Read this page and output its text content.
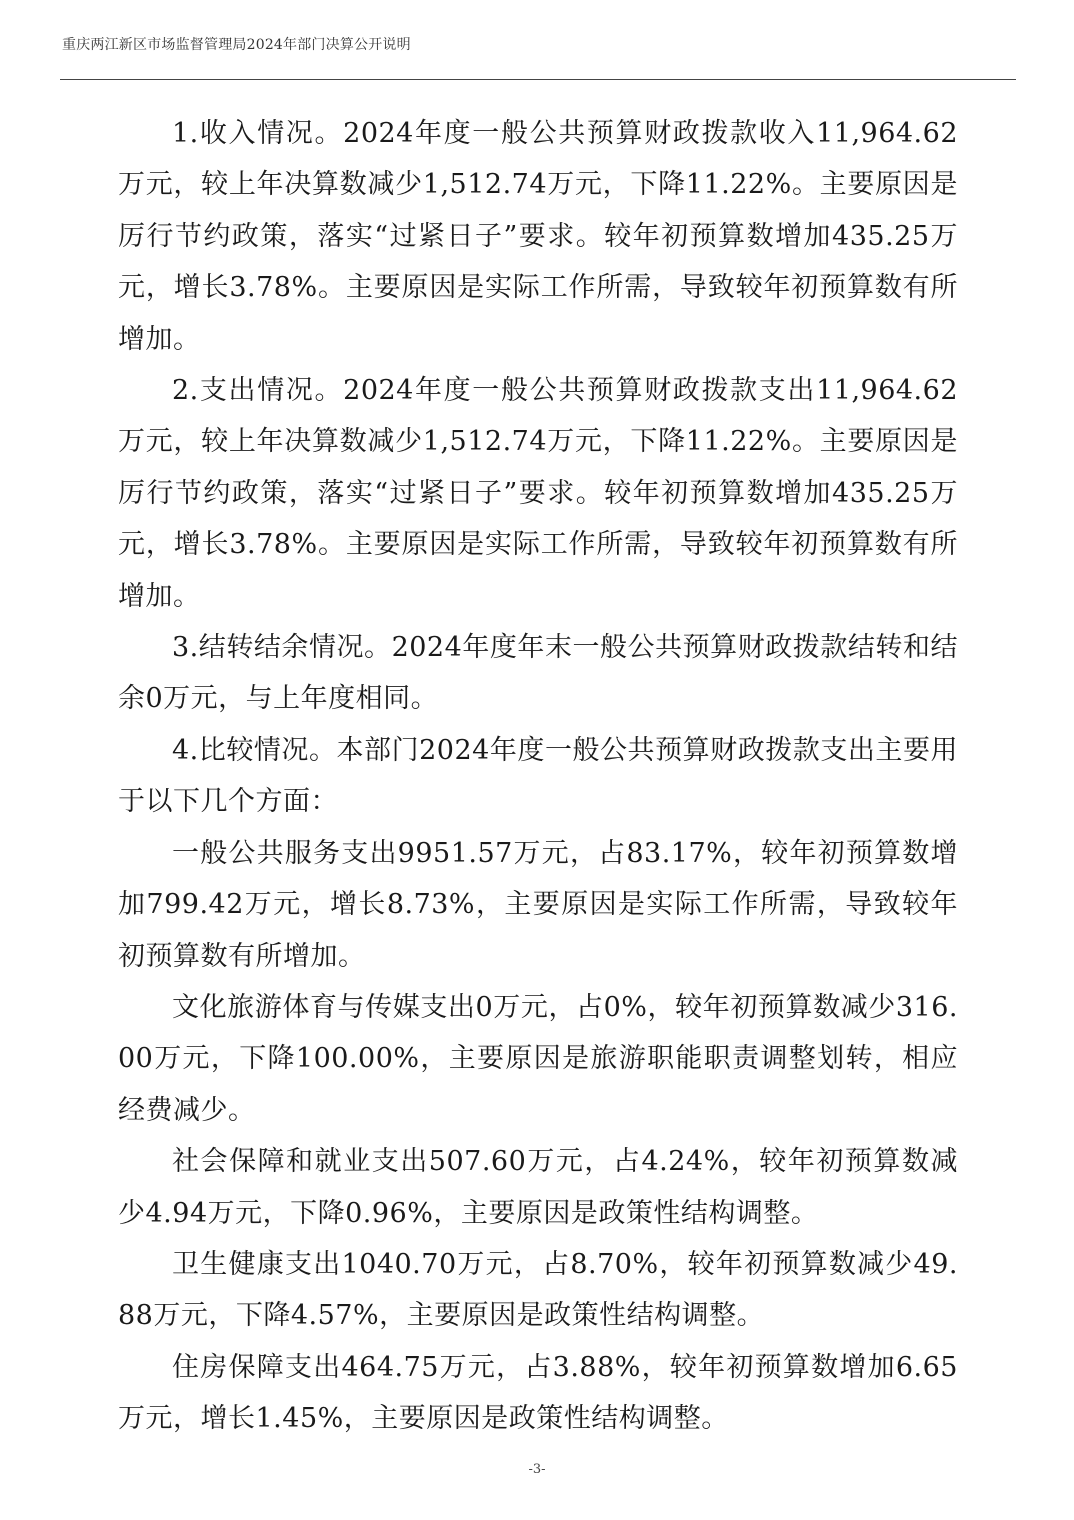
重庆两江新区市场监督管理局2024年部门决算公开说明

1.收入情况。2024年度一般公共预算财政拨款收入11,964.62万元，较上年决算数减少1,512.74万元，下降11.22%。主要原因是厉行节约政策，落实“过紧日子”要求。较年初预算数增加435.25万元，增长3.78%。主要原因是实际工作所需，导致较年初预算数有所增加。

2.支出情况。2024年度一般公共预算财政拨款支出11,964.62万元，较上年决算数减少1,512.74万元，下降11.22%。主要原因是厉行节约政策，落实“过紧日子”要求。较年初预算数增加435.25万元，增长3.78%。主要原因是实际工作所需，导致较年初预算数有所增加。

3.结转结余情况。2024年度年末一般公共预算财政拨款结转和结余0万元，与上年度相同。

4.比较情况。本部门2024年度一般公共预算财政拨款支出主要用于以下几个方面：

一般公共服务支出9951.57万元，占83.17%，较年初预算数增加799.42万元，增长8.73%，主要原因是实际工作所需，导致较年初预算数有所增加。

文化旅游体育与传媒支出0万元，占0%，较年初预算数减少316.00万元，下降100.00%，主要原因是旅游职能职责调整划转，相应经费减少。

社会保障和就业支出507.60万元，占4.24%，较年初预算数减少4.94万元，下降0.96%，主要原因是政策性结构调整。

卫生健康支出1040.70万元，占8.70%，较年初预算数减少49.88万元，下降4.57%，主要原因是政策性结构调整。

住房保障支出464.75万元，占3.88%，较年初预算数增加6.65万元，增长1.45%，主要原因是政策性结构调整。

-3-
